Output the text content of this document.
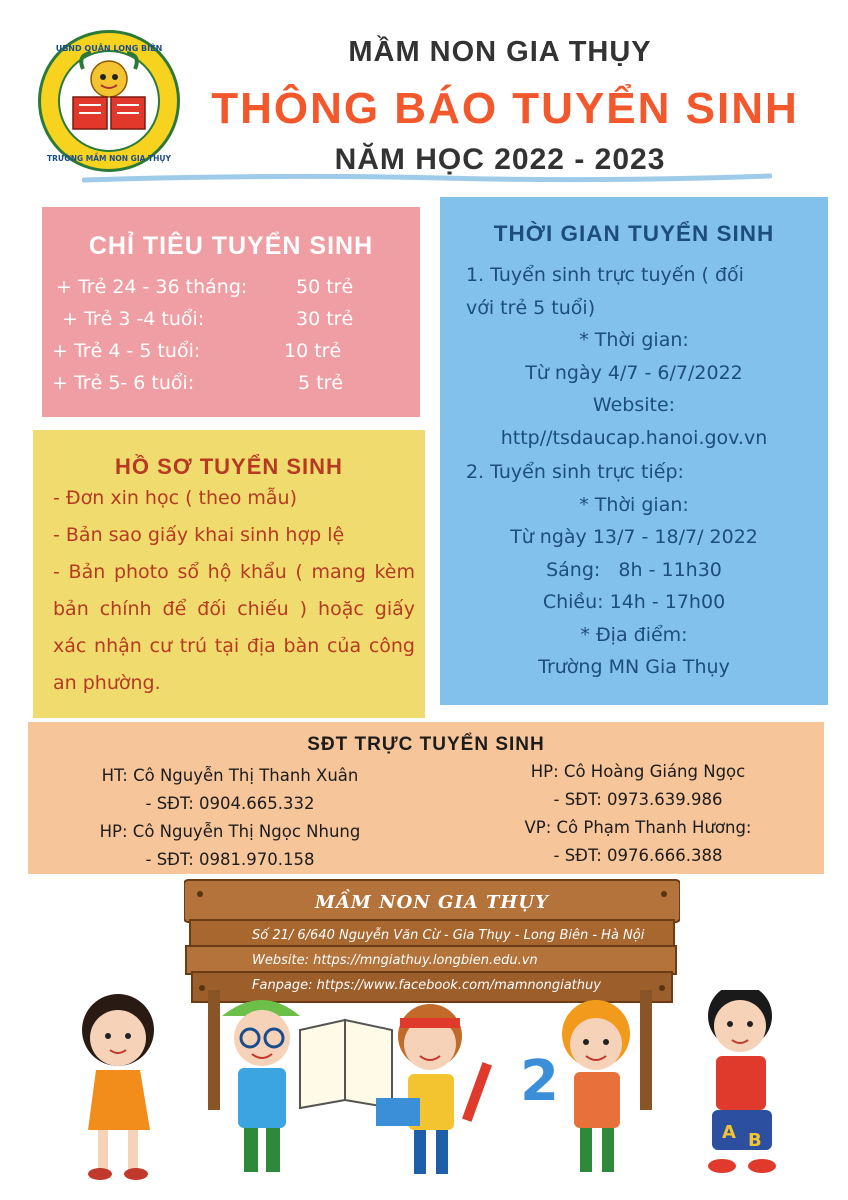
UBND QUẬN LONG BIÊN
TRƯỜNG MẦM NON GIA THỤY
MẦM NON GIA THỤY
THÔNG BÁO TUYỂN SINH
NĂM HỌC 2022 - 2023
CHỈ TIÊU TUYỂN SINH
+ Trẻ 24 - 36 tháng:	50 trẻ
+ Trẻ 3 -4 tuổi:	30 trẻ
+ Trẻ 4 - 5 tuổi:	10 trẻ
+ Trẻ 5- 6 tuổi:	5 trẻ
HỒ SƠ TUYỂN SINH

- Đơn xin học ( theo mẫu)

- Bản sao giấy khai sinh hợp lệ

- Bản photo sổ hộ khẩu ( mang kèm bản chính để đối chiếu ) hoặc giấy xác nhận cư trú tại địa bàn của công an phường.

THỜI GIAN TUYỂN SINH
1. Tuyển sinh trực tuyến ( đối
với trẻ 5 tuổi)
* Thời gian:
Từ ngày 4/7 - 6/7/2022
Website:
http//tsdaucap.hanoi.gov.vn
2. Tuyển sinh trực tiếp:
* Thời gian:
Từ ngày 13/7 - 18/7/ 2022
Sáng:   8h - 11h30
Chiều: 14h - 17h00
* Địa điểm:
Trường MN Gia Thụy
SĐT TRỰC TUYỂN SINH
HT: Cô Nguyễn Thị Thanh Xuân
- SĐT: 0904.665.332
HP: Cô Nguyễn Thị Ngọc Nhung
- SĐT: 0981.970.158
HP: Cô Hoàng Giáng Ngọc
- SĐT: 0973.639.986
VP: Cô Phạm Thanh Hương:
- SĐT: 0976.666.388
MẦM NON GIA THỤY
Số 21/ 6/640 Nguyễn Văn Cừ - Gia Thụy - Long Biên - Hà Nội
Website: https://mngiathuy.longbien.edu.vn
Fanpage: https://www.facebook.com/mamnongiathuy
2
A B
